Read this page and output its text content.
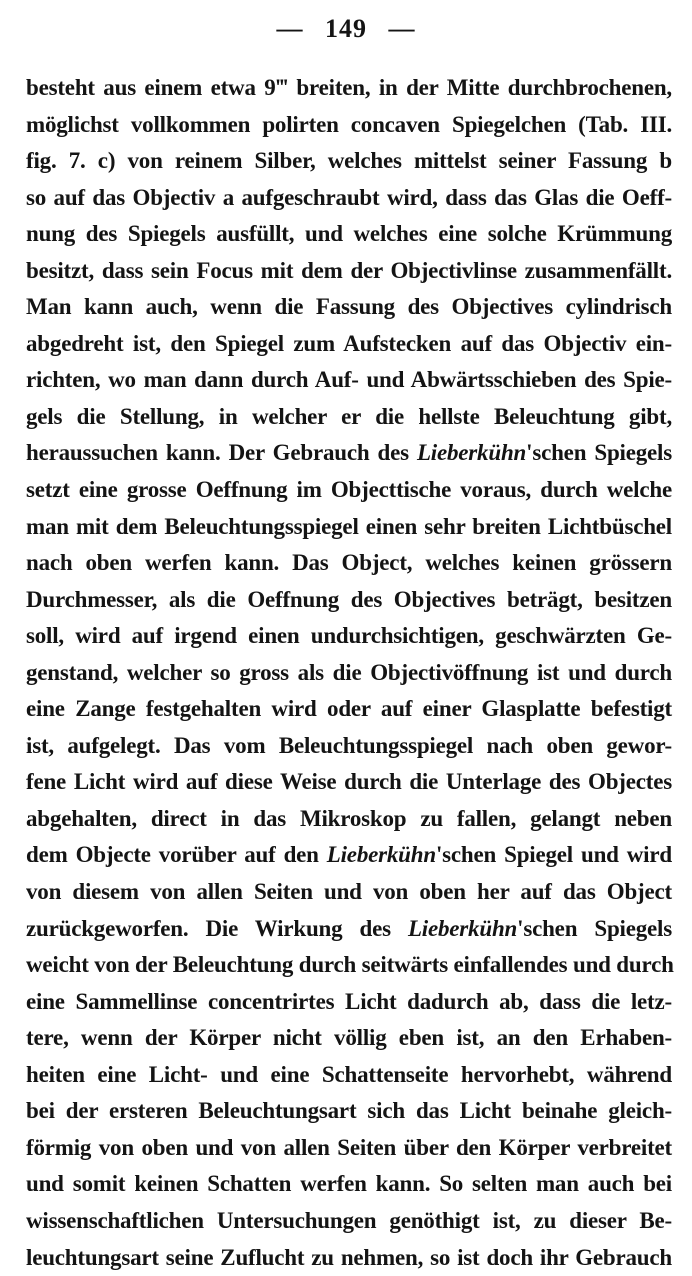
— 149 —
besteht aus einem etwa 9‴ breiten, in der Mitte durchbrochenen,
möglichst vollkommen polirten concaven Spiegelchen (Tab. III.
fig. 7. c) von reinem Silber, welches mittelst seiner Fassung b
so auf das Objectiv a aufgeschraubt wird, dass das Glas die Oeff-
nung des Spiegels ausfüllt, und welches eine solche Krümmung
besitzt, dass sein Focus mit dem der Objectivlinse zusammenfällt.
Man kann auch, wenn die Fassung des Objectives cylindrisch
abgedreht ist, den Spiegel zum Aufstecken auf das Objectiv ein-
richten, wo man dann durch Auf- und Abwärtsschieben des Spie-
gels die Stellung, in welcher er die hellste Beleuchtung gibt,
heraussuchen kann. Der Gebrauch des Lieberkühn'schen Spiegels
setzt eine grosse Oeffnung im Objecttische voraus, durch welche
man mit dem Beleuchtungsspiegel einen sehr breiten Lichtbüschel
nach oben werfen kann. Das Object, welches keinen grössern
Durchmesser, als die Oeffnung des Objectives beträgt, besitzen
soll, wird auf irgend einen undurchsichtigen, geschwärzten Ge-
genstand, welcher so gross als die Objectivöffnung ist und durch
eine Zange festgehalten wird oder auf einer Glasplatte befestigt
ist, aufgelegt. Das vom Beleuchtungsspiegel nach oben gewor-
fene Licht wird auf diese Weise durch die Unterlage des Objectes
abgehalten, direct in das Mikroskop zu fallen, gelangt neben
dem Objecte vorüber auf den Lieberkühn'schen Spiegel und wird
von diesem von allen Seiten und von oben her auf das Object
zurückgeworfen. Die Wirkung des Lieberkühn'schen Spiegels
weicht von der Beleuchtung durch seitwärts einfallendes und durch
eine Sammellinse concentrirtes Licht dadurch ab, dass die letz-
tere, wenn der Körper nicht völlig eben ist, an den Erhaben-
heiten eine Licht- und eine Schattenseite hervorhebt, während
bei der ersteren Beleuchtungsart sich das Licht beinahe gleich-
förmig von oben und von allen Seiten über den Körper verbreitet
und somit keinen Schatten werfen kann. So selten man auch bei
wissenschaftlichen Untersuchungen genöthigt ist, zu dieser Be-
leuchtungsart seine Zuflucht zu nehmen, so ist doch ihr Gebrauch
